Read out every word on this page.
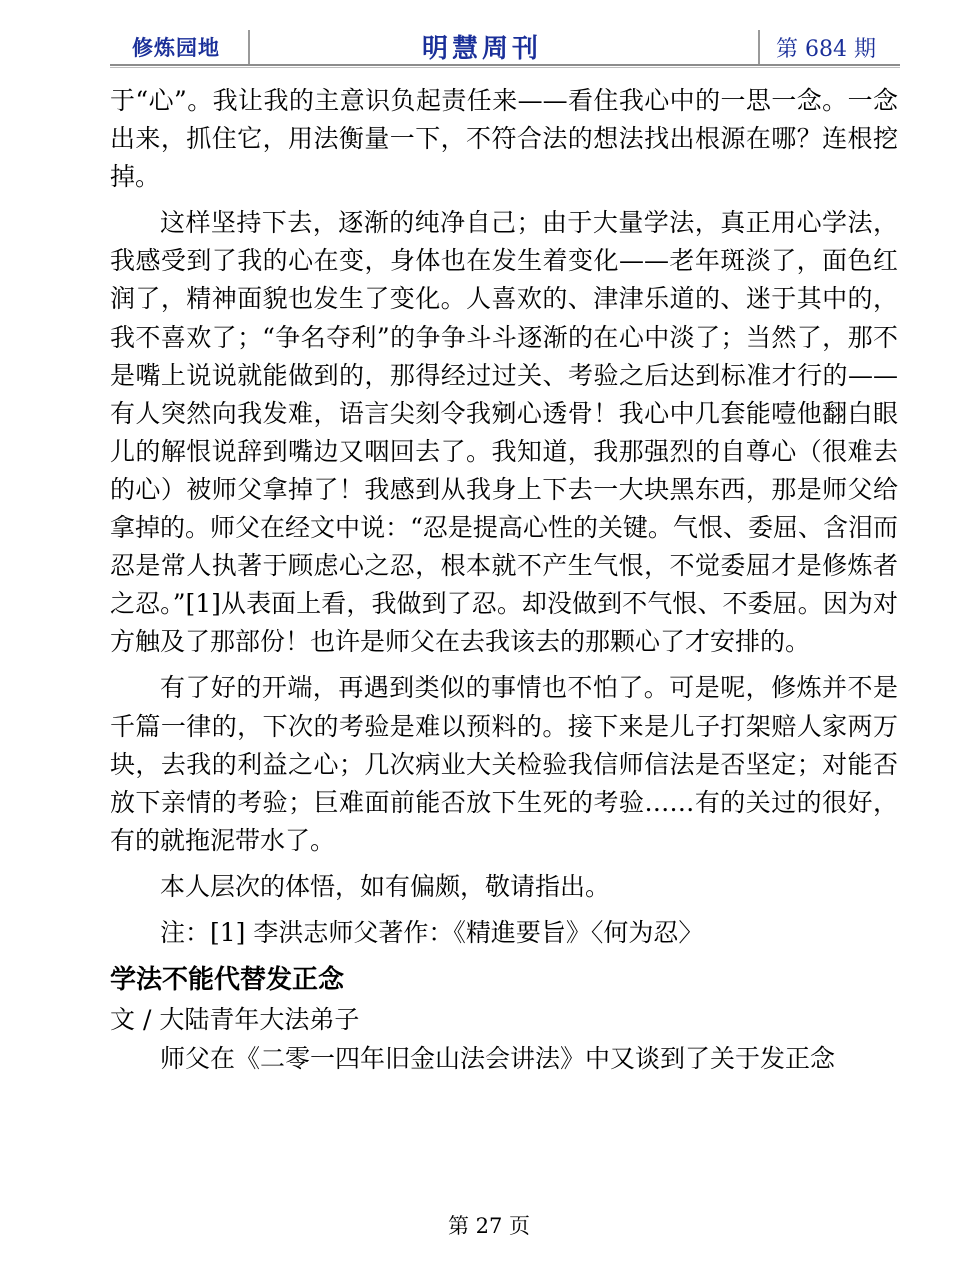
修炼园地	明慧周刊	第 684 期

于“心”。我让我的主意识负起责任来——看住我心中的一思一念。一念出来，抓住它，用法衡量一下，不符合法的想法找出根源在哪？连根挖掉。

这样坚持下去，逐渐的纯净自己；由于大量学法，真正用心学法，我感受到了我的心在变，身体也在发生着变化——老年斑淡了，面色红润了，精神面貌也发生了变化。人喜欢的、津津乐道的、迷于其中的，我不喜欢了；“争名夺利”的争争斗斗逐渐的在心中淡了；当然了，那不是嘴上说说就能做到的，那得经过过关、考验之后达到标准才行的——有人突然向我发难，语言尖刻令我剜心透骨！我心中几套能噎他翻白眼儿的解恨说辞到嘴边又咽回去了。我知道，我那强烈的自尊心（很难去的心）被师父拿掉了！我感到从我身上下去一大块黑东西，那是师父给拿掉的。师父在经文中说：“忍是提高心性的关键。气恨、委屈、含泪而忍是常人执著于顾虑心之忍，根本就不产生气恨，不觉委屈才是修炼者之忍。”[1]从表面上看，我做到了忍。却没做到不气恨、不委屈。因为对方触及了那部份！也许是师父在去我该去的那颗心了才安排的。

有了好的开端，再遇到类似的事情也不怕了。可是呢，修炼并不是千篇一律的，下次的考验是难以预料的。接下来是儿子打架赔人家两万块，去我的利益之心；几次病业大关检验我信师信法是否坚定；对能否放下亲情的考验；巨难面前能否放下生死的考验……有的关过的很好，有的就拖泥带水了。

本人层次的体悟，如有偏颇，敬请指出。

注：[1] 李洪志师父著作：《精進要旨》〈何为忍〉

学法不能代替发正念

文 / 大陆青年大法弟子

师父在《二零一四年旧金山法会讲法》中又谈到了关于发正念

第 27 页
